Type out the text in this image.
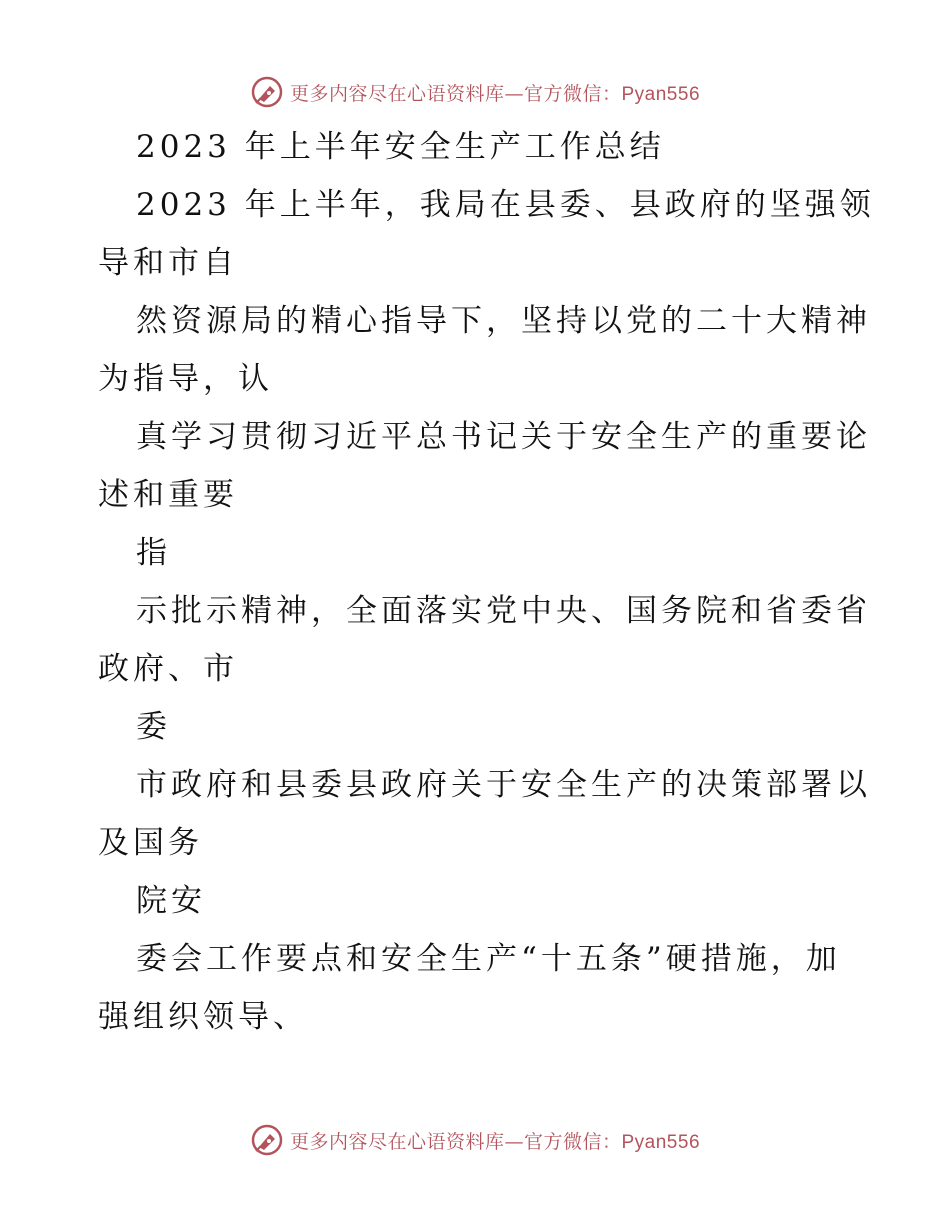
更多内容尽在心语资料库—官方微信：Pyan556
2023 年上半年安全生产工作总结
2023 年上半年，我局在县委、县政府的坚强领
导和市自
然资源局的精心指导下，坚持以党的二十大精神
为指导，认
真学习贯彻习近平总书记关于安全生产的重要论
述和重要
指
示批示精神，全面落实党中央、国务院和省委省
政府、市
委
市政府和县委县政府关于安全生产的决策部署以
及国务
院安
委会工作要点和安全生产“十五条”硬措施，加
强组织领导、
更多内容尽在心语资料库—官方微信：Pyan556
